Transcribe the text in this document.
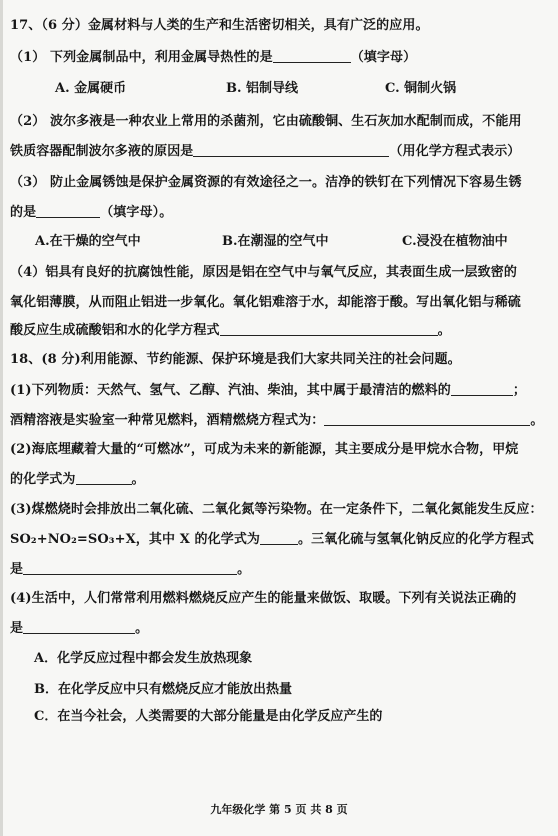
17、（6 分）金属材料与人类的生产和生活密切相关，具有广泛的应用。
（1） 下列金属制品中，利用金属导热性的是	（填字母）
A. 金属硬币	B. 铝制导线	C. 铜制火锅
（2） 波尔多液是一种农业上常用的杀菌剂，它由硫酸铜、生石灰加水配制而成，不能用
铁质容器配制波尔多液的原因是	（用化学方程式表示）
（3） 防止金属锈蚀是保护金属资源的有效途径之一。洁净的铁钉在下列情况下容易生锈
的是	（填字母）。
A.在干燥的空气中	B.在潮湿的空气中	C.浸没在植物油中
（4）铝具有良好的抗腐蚀性能，原因是铝在空气中与氧气反应，其表面生成一层致密的
氧化铝薄膜，从而阻止铝进一步氧化。氧化铝难溶于水，却能溶于酸。写出氧化铝与稀硫
酸反应生成硫酸铝和水的化学方程式	。
18、(8 分)利用能源、节约能源、保护环境是我们大家共同关注的社会问题。
(1)下列物质：天然气、氢气、乙醇、汽油、柴油，其中属于最清洁的燃料的	；
酒精溶液是实验室一种常见燃料，酒精燃烧方程式为：	。
(2)海底埋藏着大量的“可燃冰”，可成为未来的新能源，其主要成分是甲烷水合物，甲烷
的化学式为	。
(3)煤燃烧时会排放出二氧化硫、二氧化氮等污染物。在一定条件下，二氧化氮能发生反应：
SO₂+NO₂=SO₃+X，其中 X 的化学式为	。三氧化硫与氢氧化钠反应的化学方程式
是	。
(4)生活中，人们常常利用燃料燃烧反应产生的能量来做饭、取暖。下列有关说法正确的
是	。
A．化学反应过程中都会发生放热现象
B．在化学反应中只有燃烧反应才能放出热量
C．在当今社会，人类需要的大部分能量是由化学反应产生的
九年级化学 第 5 页 共 8 页
